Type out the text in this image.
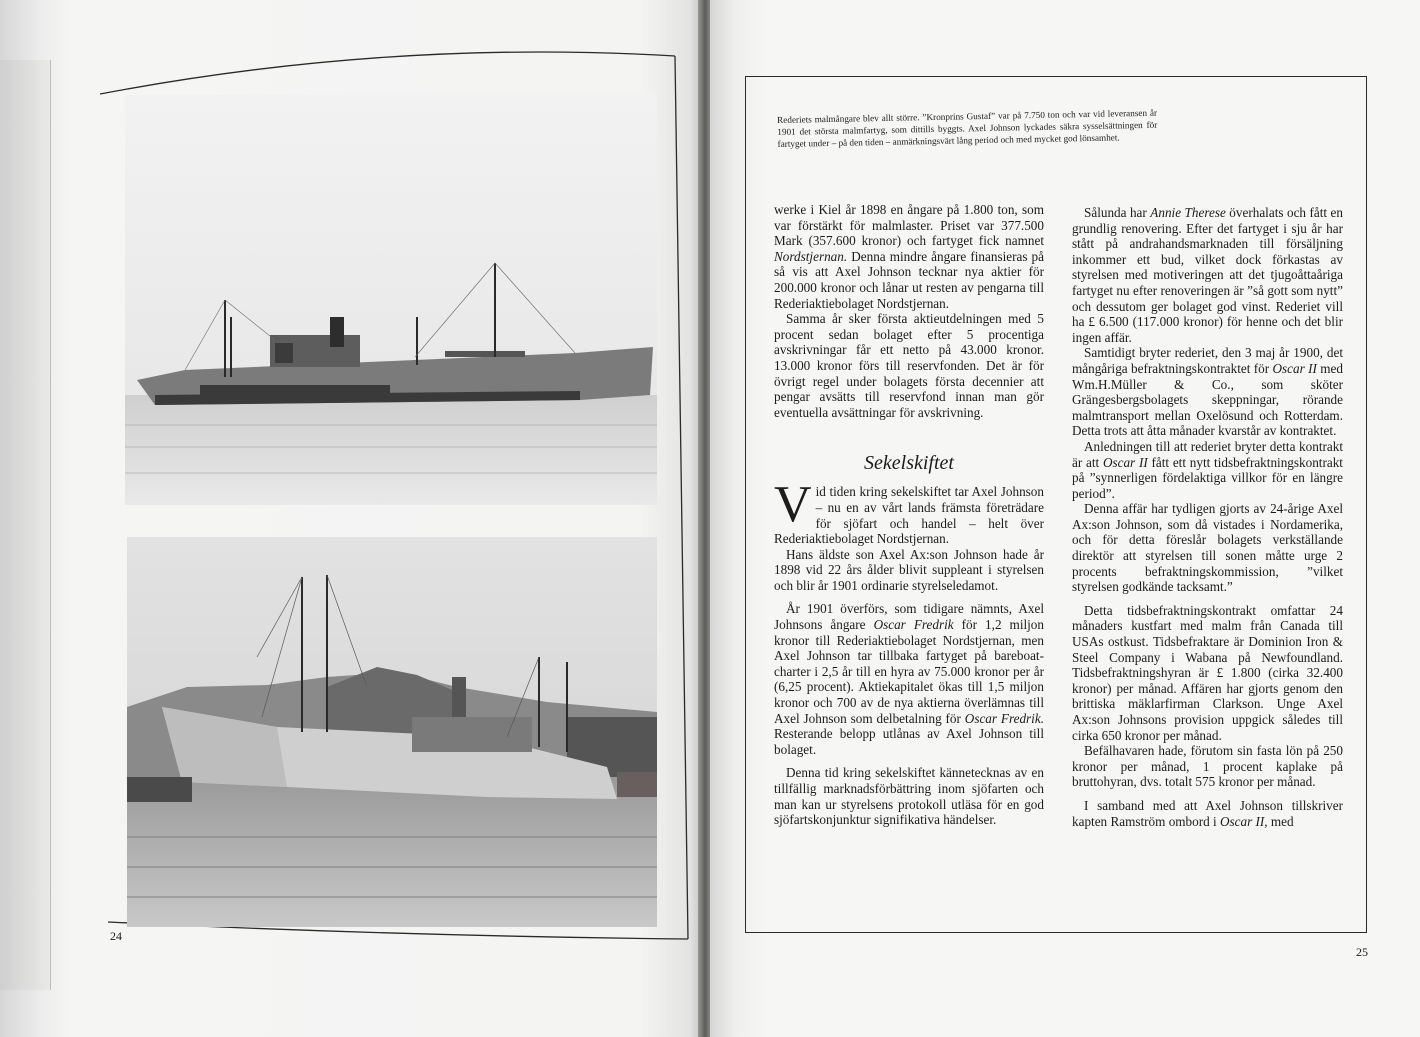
24
Rederiets malmångare blev allt större. ”Kronprins Gustaf” var på 7.750 ton och var vid leveransen år 1901 det största malmfartyg, som dittills byggts. Axel Johnson lyckades säkra sysselsättningen för fartyget under – på den tiden – anmärkningsvärt lång period och med mycket god lönsamhet.

werke i Kiel år 1898 en ångare på 1.800 ton, som var förstärkt för malmlaster. Priset var 377.500 Mark (357.600 kronor) och fartyget fick namnet Nordstjernan. Denna mindre ångare finansieras på så vis att Axel Johnson tecknar nya aktier för 200.000 kronor och lånar ut resten av pengarna till Rederiaktiebolaget Nordstjernan.

Samma år sker första aktieutdelningen med 5 procent sedan bolaget efter 5 procentiga avskrivningar får ett netto på 43.000 kronor. 13.000 kronor förs till reservfonden. Det är för övrigt regel under bolagets första decennier att pengar avsätts till reservfond innan man gör eventuella avsättningar för avskrivning.

Sekelskiftet

Vid tiden kring sekelskiftet tar Axel Johnson – nu en av vårt lands främsta företrädare för sjöfart och handel – helt över Rederiaktiebolaget Nordstjernan.

Hans äldste son Axel Ax:son Johnson hade år 1898 vid 22 års ålder blivit suppleant i styrelsen och blir år 1901 ordinarie styrelseledamot.

År 1901 överförs, som tidigare nämnts, Axel Johnsons ångare Oscar Fredrik för 1,2 miljon kronor till Rederiaktiebolaget Nordstjernan, men Axel Johnson tar tillbaka fartyget på bareboat-charter i 2,5 år till en hyra av 75.000 kronor per år (6,25 procent). Aktiekapitalet ökas till 1,5 miljon kronor och 700 av de nya aktierna överlämnas till Axel Johnson som delbetalning för Oscar Fredrik. Resterande belopp utlånas av Axel Johnson till bolaget.

Denna tid kring sekelskiftet kännetecknas av en tillfällig marknadsförbättring inom sjöfarten och man kan ur styrelsens protokoll utläsa för en god sjöfartskonjunktur signifikativa händelser.

Sålunda har Annie Therese överhalats och fått en grundlig renovering. Efter det fartyget i sju år har stått på andrahandsmarknaden till försäljning inkommer ett bud, vilket dock förkastas av styrelsen med motiveringen att det tjugoåttaåriga fartyget nu efter renoveringen är ”så gott som nytt” och dessutom ger bolaget god vinst. Rederiet vill ha £ 6.500 (117.000 kronor) för henne och det blir ingen affär.

Samtidigt bryter rederiet, den 3 maj år 1900, det mångåriga befraktningskontraktet för Oscar II med Wm.H.Müller & Co., som sköter Grängesbergsbolagets skeppningar, rörande malmtransport mellan Oxelösund och Rotterdam. Detta trots att åtta månader kvarstår av kontraktet.

Anledningen till att rederiet bryter detta kontrakt är att Oscar II fått ett nytt tidsbefraktningskontrakt på ”synnerligen fördelaktiga villkor för en längre period”.

Denna affär har tydligen gjorts av 24-årige Axel Ax:son Johnson, som då vistades i Nordamerika, och för detta föreslår bolagets verkställande direktör att styrelsen till sonen måtte urge 2 procents befraktningskommission, ”vilket styrelsen godkände tacksamt.”

Detta tidsbefraktningskontrakt omfattar 24 månaders kustfart med malm från Canada till USAs ostkust. Tidsbefraktare är Dominion Iron & Steel Company i Wabana på Newfoundland. Tidsbefraktningshyran är £ 1.800 (cirka 32.400 kronor) per månad. Affären har gjorts genom den brittiska mäklarfirman Clarkson. Unge Axel Ax:son Johnsons provision uppgick således till cirka 650 kronor per månad.

Befälhavaren hade, förutom sin fasta lön på 250 kronor per månad, 1 procent kaplake på bruttohyran, dvs. totalt 575 kronor per månad.

I samband med att Axel Johnson tillskriver kapten Ramström ombord i Oscar II, med

25
